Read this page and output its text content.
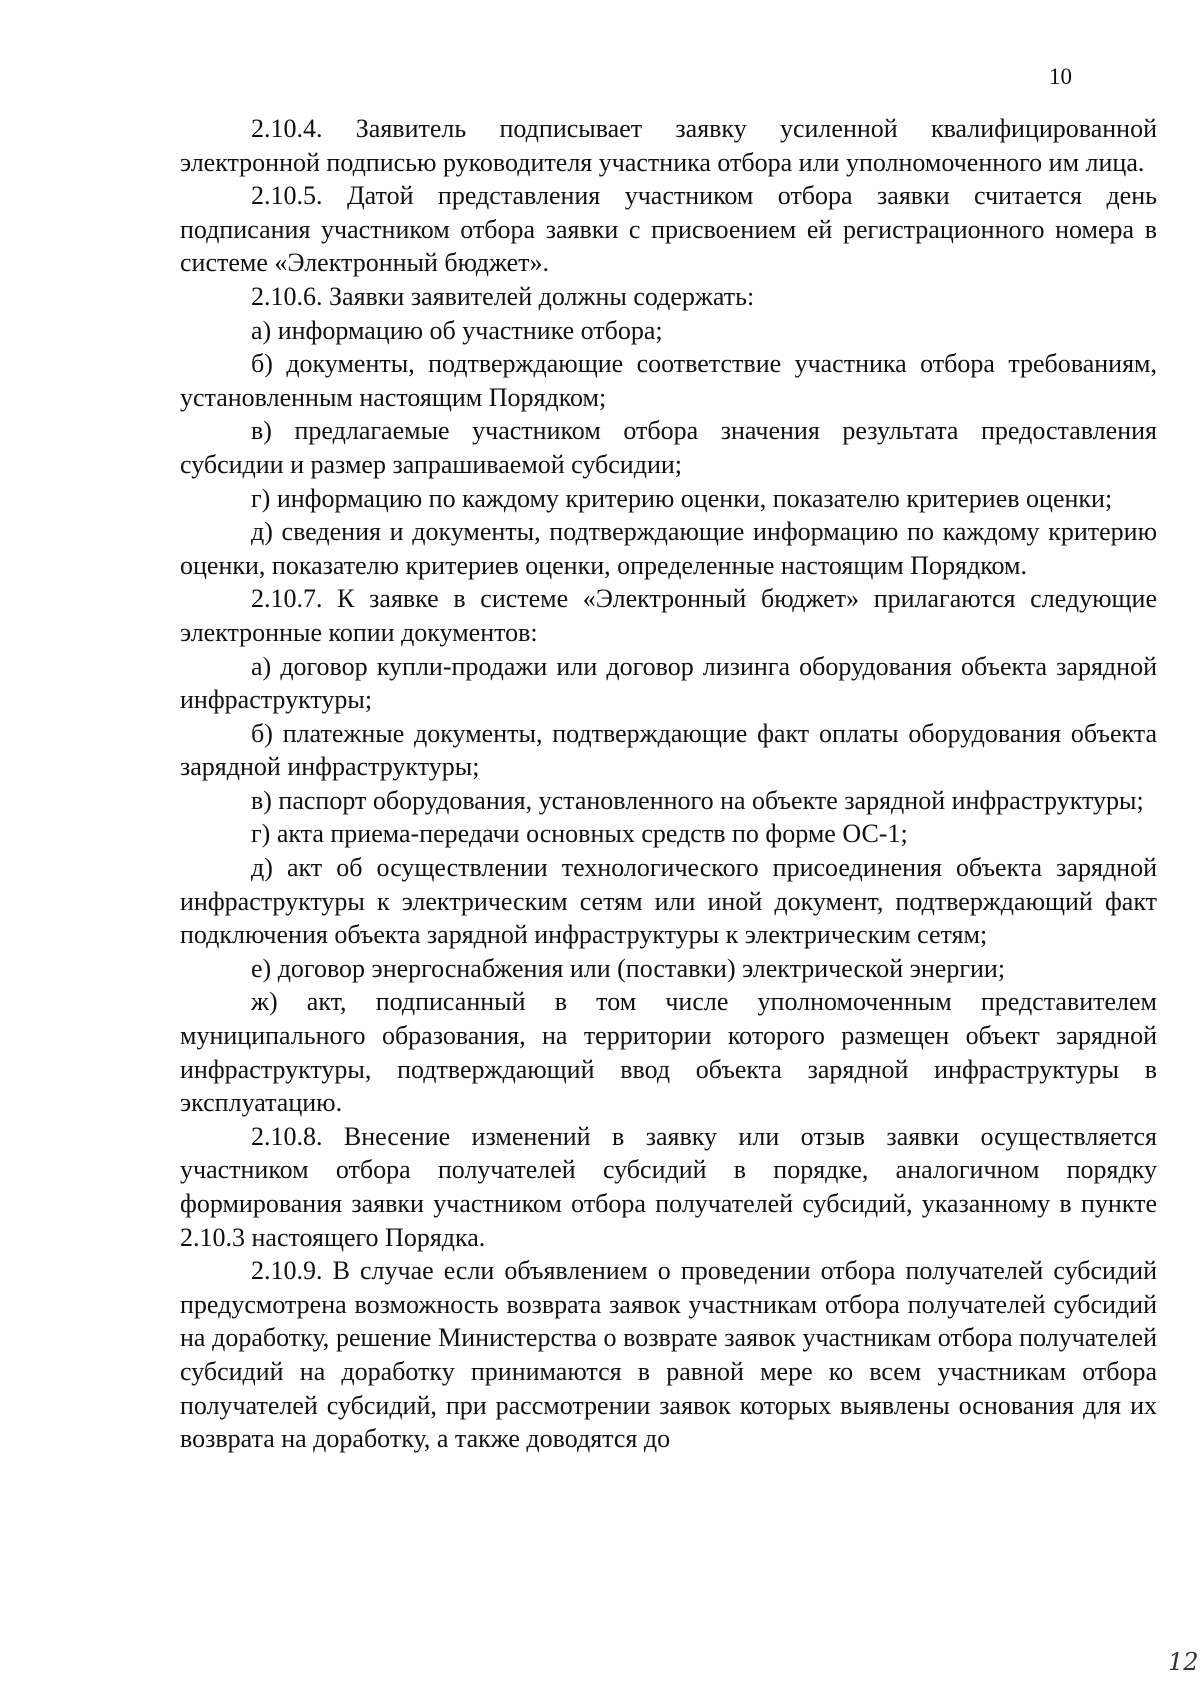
10

2.10.4. Заявитель подписывает заявку усиленной квалифицированной электронной подписью руководителя участника отбора или уполномоченного им лица.

2.10.5. Датой представления участником отбора заявки считается день подписания участником отбора заявки с присвоением ей регистрационного номера в системе «Электронный бюджет».

2.10.6. Заявки заявителей должны содержать:

а) информацию об участнике отбора;

б) документы, подтверждающие соответствие участника отбора требованиям, установленным настоящим Порядком;

в) предлагаемые участником отбора значения результата предоставления субсидии и размер запрашиваемой субсидии;

г) информацию по каждому критерию оценки, показателю критериев оценки;

д) сведения и документы, подтверждающие информацию по каждому критерию оценки, показателю критериев оценки, определенные настоящим Порядком.

2.10.7. К заявке в системе «Электронный бюджет» прилагаются следующие электронные копии документов:

а) договор купли-продажи или договор лизинга оборудования объекта зарядной инфраструктуры;

б) платежные документы, подтверждающие факт оплаты оборудования объекта зарядной инфраструктуры;

в) паспорт оборудования, установленного на объекте зарядной инфраструктуры;

г) акта приема-передачи основных средств по форме ОС-1;

д) акт об осуществлении технологического присоединения объекта зарядной инфраструктуры к электрическим сетям или иной документ, подтверждающий факт подключения объекта зарядной инфраструктуры к электрическим сетям;

е) договор энергоснабжения или (поставки) электрической энергии;

ж) акт, подписанный в том числе уполномоченным представителем муниципального образования, на территории которого размещен объект зарядной инфраструктуры, подтверждающий ввод объекта зарядной инфраструктуры в эксплуатацию.

2.10.8. Внесение изменений в заявку или отзыв заявки осуществляется участником отбора получателей субсидий в порядке, аналогичном порядку формирования заявки участником отбора получателей субсидий, указанному в пункте 2.10.3 настоящего Порядка.

2.10.9. В случае если объявлением о проведении отбора получателей субсидий предусмотрена возможность возврата заявок участникам отбора получателей субсидий на доработку, решение Министерства о возврате заявок участникам отбора получателей субсидий на доработку принимаются в равной мере ко всем участникам отбора получателей субсидий, при рассмотрении заявок которых выявлены основания для их возврата на доработку, а также доводятся до

12
